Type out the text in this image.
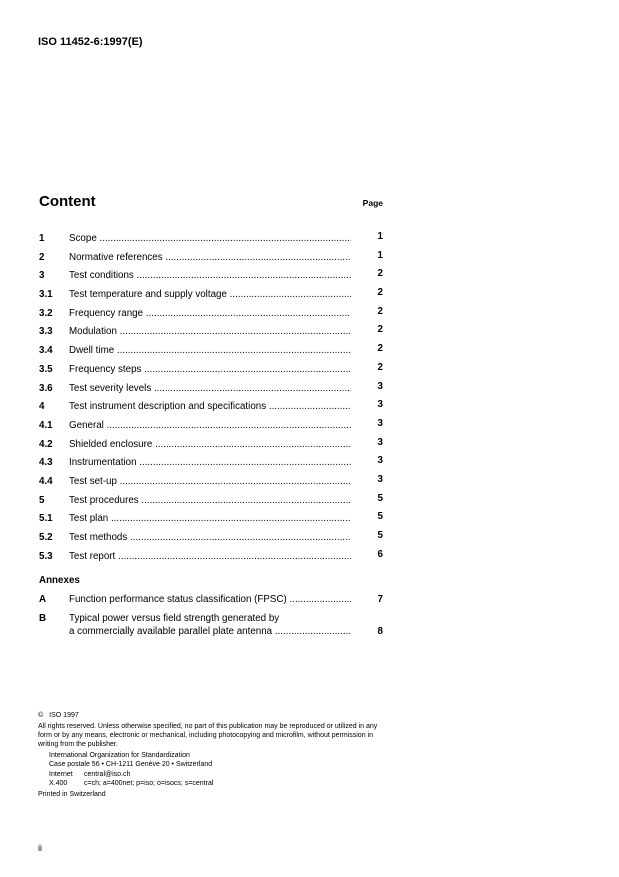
ISO 11452-6:1997(E)
Content	Page
1	Scope .....	1
2	Normative references .....	1
3	Test conditions .....	2
3.1 Test temperature and supply voltage .....	2
3.2 Frequency range .....	2
3.3 Modulation .....	2
3.4 Dwell time .....	2
3.5 Frequency steps .....	2
3.6 Test severity levels .....	3
4	Test instrument description and specifications .....	3
4.1 General .....	3
4.2 Shielded enclosure .....	3
4.3 Instrumentation .....	3
4.4 Test set-up .....	3
5	Test procedures .....	5
5.1 Test plan .....	5
5.2 Test methods .....	5
5.3 Test report .....	6
Annexes
A Function performance status classification (FPSC) .....	7
B Typical power versus field strength generated by
a commercially available parallel plate antenna .....	8
© ISO 1997
All rights reserved. Unless otherwise specified, no part of this publication may be reproduced or utilized in any form or by any means, electronic or mechanical, including photocopying and microfilm, without permission in writing from the publisher.
International Organization for Standardization
Case postale 56 • CH-1211 Genève 20 • Switzerland
Internet central@iso.ch
X.400 c=ch; a=400net; p=iso; o=isocs; s=central
Printed in Switzerland
ii
